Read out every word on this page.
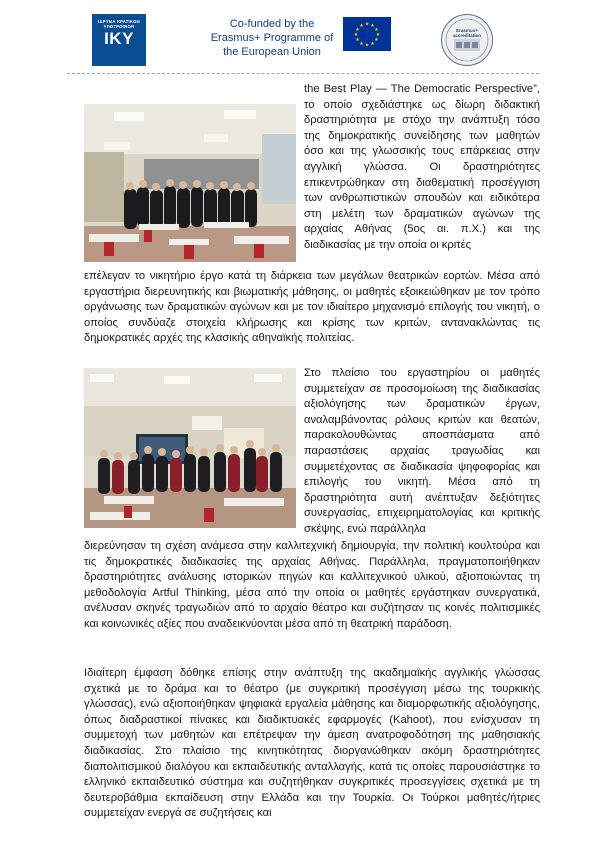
ΙΔΡΥΜΑ ΚΡΑΤΙΚΩΝ ΥΠΟΤΡΟΦΙΩΝ
IKY
Co-funded by the Erasmus+ Programme of the European Union
★ ★
★
★
★
★
★
★
★
★
★
★
Erasmus+ accreditation

the Best Play — The Democratic Perspective”, το οποίο σχεδιάστηκε ως δίωρη διδακτική δραστηριότητα με στόχο την ανάπτυξη τόσο της δημοκρατικής συνείδησης των μαθητών όσο και της γλωσσικής τους επάρκειας στην αγγλική γλώσσα. Οι δραστηριότητες επικεντρώθηκαν στη διαθεματική προσέγγιση των ανθρωπιστικών σπουδών και ειδικότερα στη μελέτη των δραματικών αγώνων της αρχαίας Αθήνας (5ος αι. π.Χ.) και της διαδικασίας με την οποία οι κριτές

επέλεγαν το νικητήριο έργο κατά τη διάρκεια των μεγάλων θεατρικών εορτών. Μέσα από εργαστήρια διερευνητικής και βιωματικής μάθησης, οι μαθητές εξοικειώθηκαν με τον τρόπο οργάνωσης των δραματικών αγώνων και με τον ιδιαίτερο μηχανισμό επιλογής του νικητή, ο οποίος συνδύαζε στοιχεία κλήρωσης και κρίσης των κριτών, αντανακλώντας τις δημοκρατικές αρχές της κλασικής αθηναϊκής πολιτείας.

Στο πλαίσιο του εργαστηρίου οι μαθητές συμμετείχαν σε προσομοίωση της διαδικασίας αξιολόγησης των δραματικών έργων, αναλαμβάνοντας ρόλους κριτών και θεατών, παρακολουθώντας αποσπάσματα από παραστάσεις αρχαίας τραγωδίας και συμμετέχοντας σε διαδικασία ψηφοφορίας και επιλογής του νικητή. Μέσα από τη δραστηριότητα αυτή ανέπτυξαν δεξιότητες συνεργασίας, επιχειρηματολογίας και κριτικής σκέψης, ενώ παράλληλα

διερεύνησαν τη σχέση ανάμεσα στην καλλιτεχνική δημιουργία, την πολιτική κουλτούρα και τις δημοκρατικές διαδικασίες της αρχαίας Αθήνας. Παράλληλα, πραγματοποιήθηκαν δραστηριότητες ανάλυσης ιστορικών πηγών και καλλιτεχνικού υλικού, αξιοποιώντας τη μεθοδολογία Artful Thinking, μέσα από την οποία οι μαθητές εργάστηκαν συνεργατικά, ανέλυσαν σκηνές τραγωδιών από το αρχαίο θέατρο και συζήτησαν τις κοινές πολιτισμικές και κοινωνικές αξίες που αναδεικνύονται μέσα από τη θεατρική παράδοση.

Ιδιαίτερη έμφαση δόθηκε επίσης στην ανάπτυξη της ακαδημαϊκής αγγλικής γλώσσας σχετικά με το δράμα και το θέατρο (με συγκριτική προσέγγιση μέσω της τουρκικής γλώσσας), ενώ αξιοποιήθηκαν ψηφιακά εργαλεία μάθησης και διαμορφωτικής αξιολόγησης, όπως διαδραστικοί πίνακες και διαδικτυακές εφαρμογές (Kahoot), που ενίσχυσαν τη συμμετοχή των μαθητών και επέτρεψαν την άμεση ανατροφοδότηση της μαθησιακής διαδικασίας. Στο πλαίσιο της κινητικότητας διοργανώθηκαν ακόμη δραστηριότητες διαπολιτισμικού διαλόγου και εκπαιδευτικής ανταλλαγής, κατά τις οποίες παρουσιάστηκε το ελληνικό εκπαιδευτικό σύστημα και συζητήθηκαν συγκριτικές προσεγγίσεις σχετικά με τη δευτεροβάθμια εκπαίδευση στην Ελλάδα και την Τουρκία. Οι Τούρκοι μαθητές/ήτριες συμμετείχαν ενεργά σε συζητήσεις και
